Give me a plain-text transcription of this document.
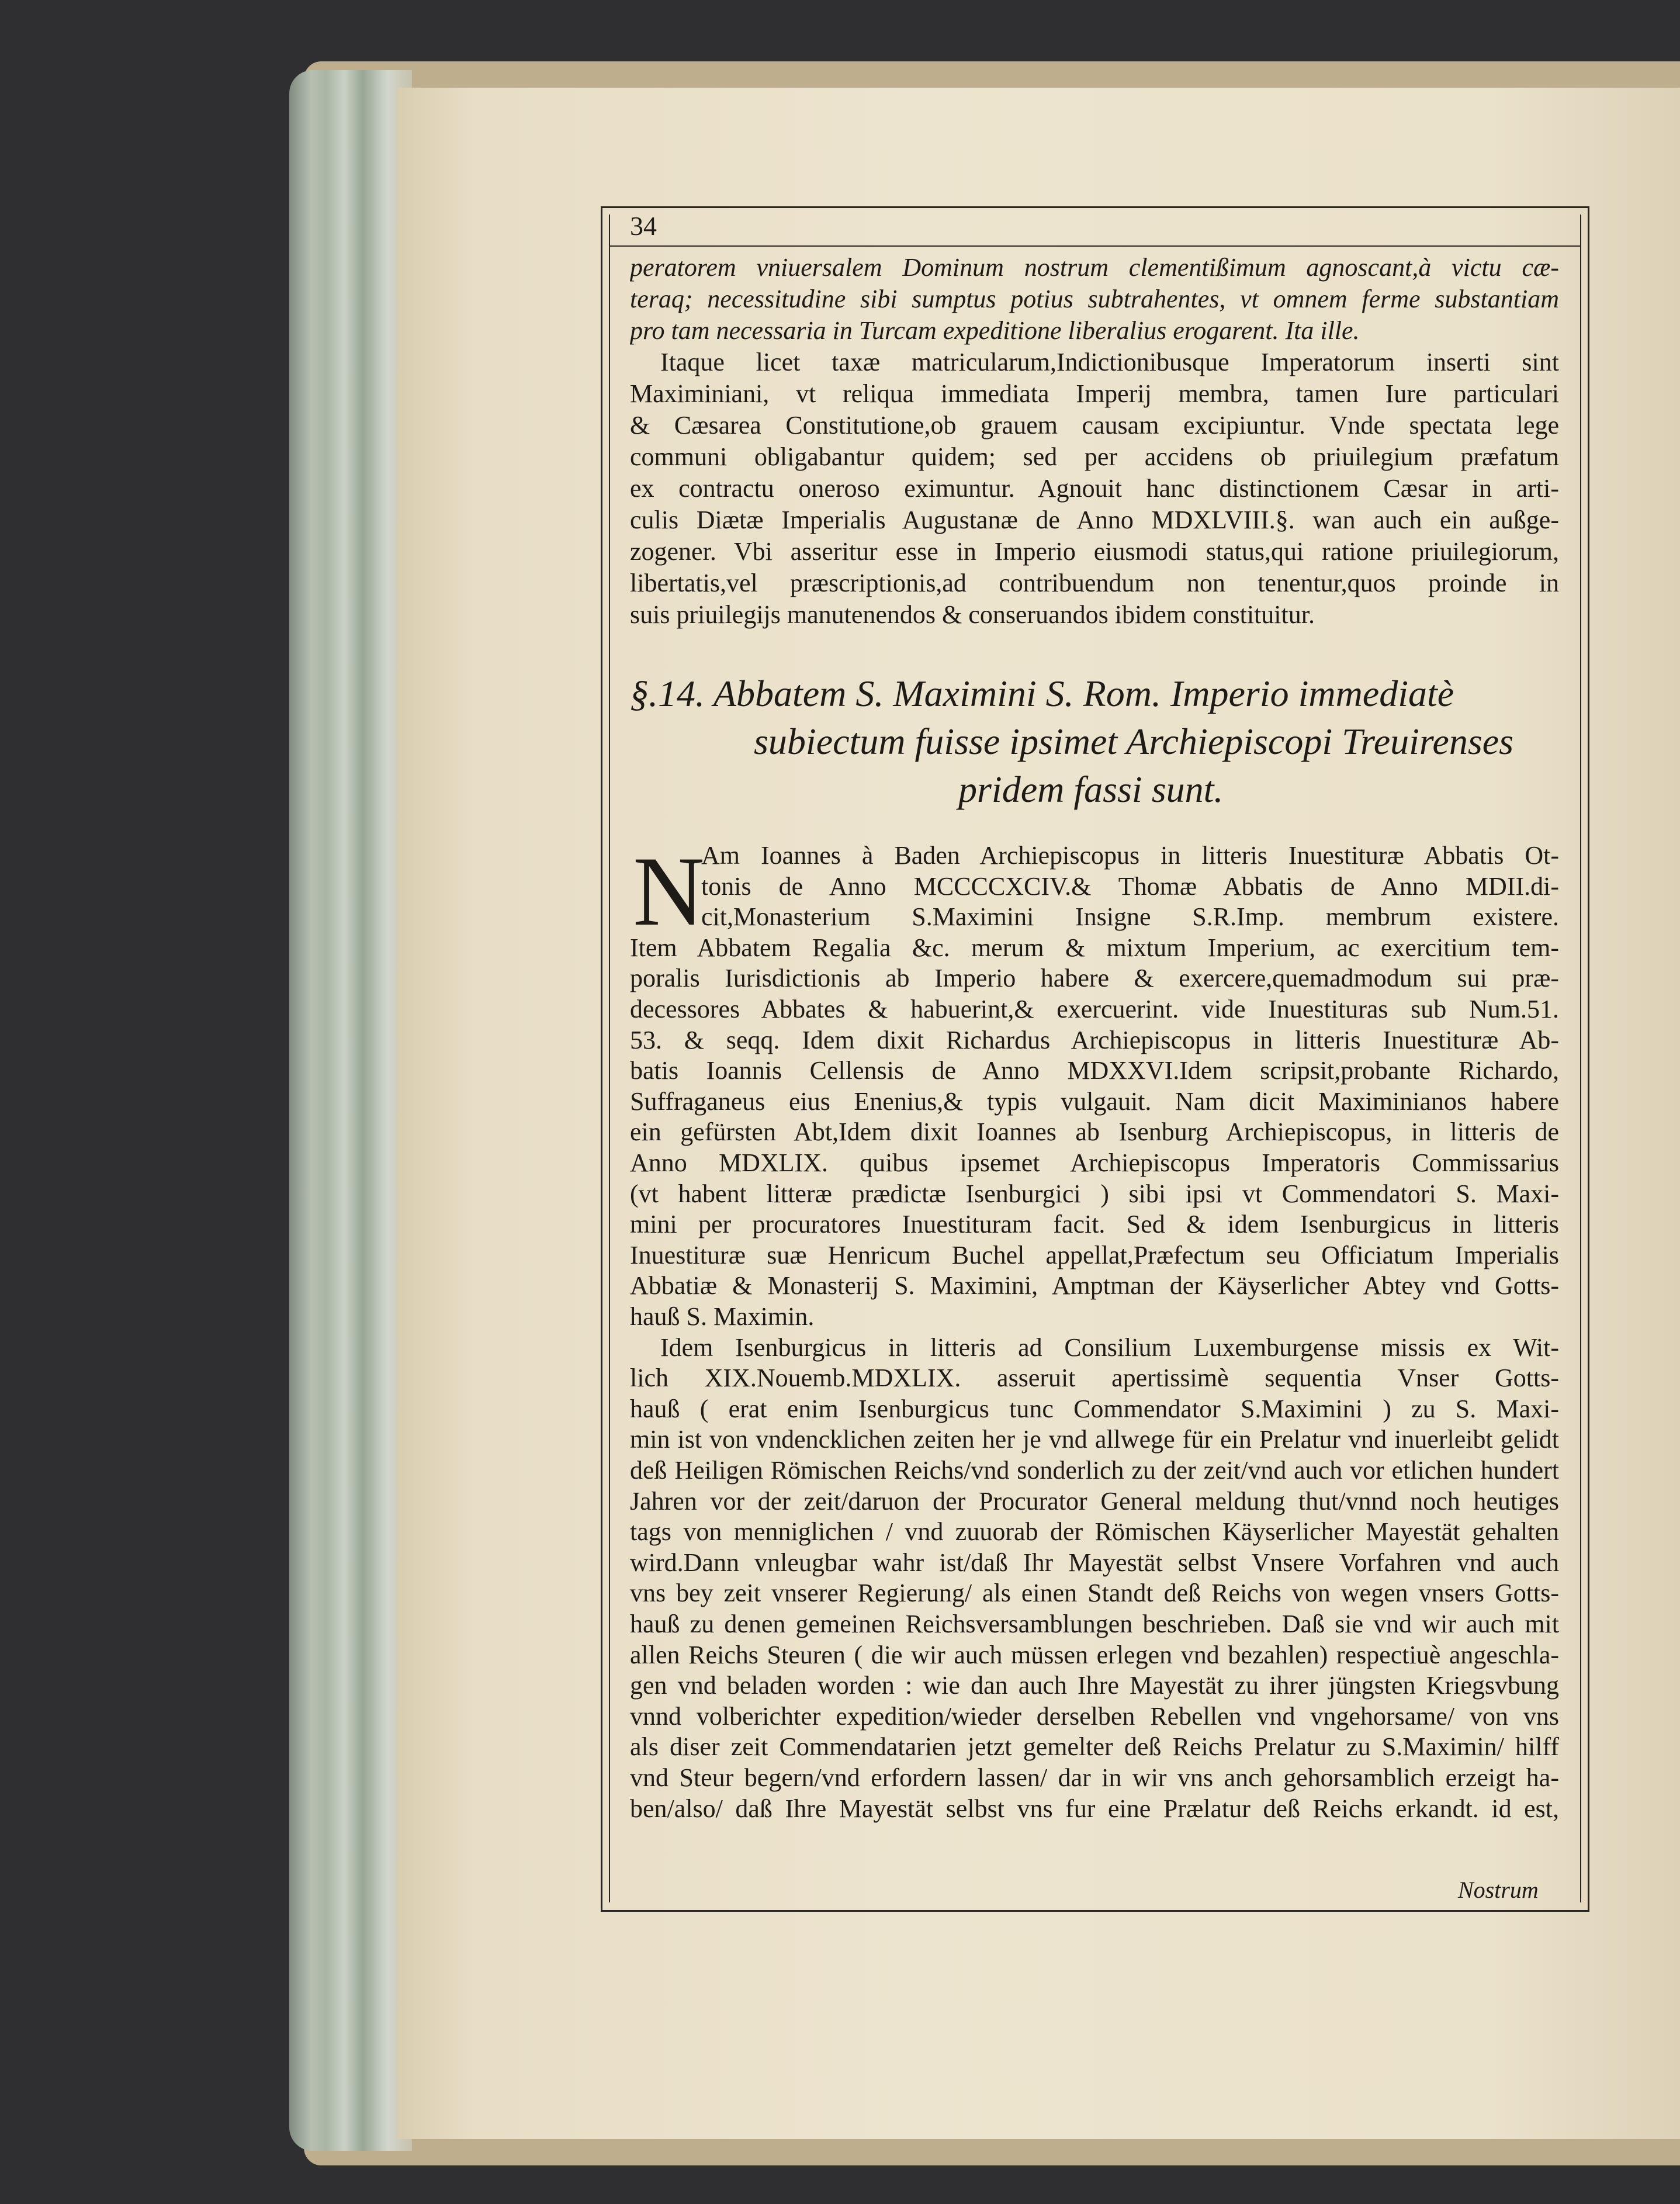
34
peratorem vniuersalem Dominum nostrum clementißimum agnoscant,à victu cæ-
teraq; necessitudine sibi sumptus potius subtrahentes, vt omnem ferme substantiam
pro tam necessaria in Turcam expeditione liberalius erogarent. Ita ille.
Itaque licet taxæ matricularum,Indictionibusque Imperatorum inserti sint
Maximiniani, vt reliqua immediata Imperij membra, tamen Iure particulari
& Cæsarea Constitutione,ob grauem causam excipiuntur. Vnde spectata lege
communi obligabantur quidem; sed per accidens ob priuilegium præfatum
ex contractu oneroso eximuntur. Agnouit hanc distinctionem Cæsar in arti-
culis Diætæ Imperialis Augustanæ de Anno MDXLVIII.§. wan auch ein außge-
zogener. Vbi asseritur esse in Imperio eiusmodi status,qui ratione priuilegiorum,
libertatis,vel præscriptionis,ad contribuendum non tenentur,quos proinde in
suis priuilegijs manutenendos & conseruandos ibidem constituitur.
§.14. Abbatem S. Maximini S. Rom. Imperio immediatè
subiectum fuisse ipsimet Archiepiscopi Treuirenses
pridem fassi sunt.
N
Am Ioannes à Baden Archiepiscopus in litteris Inuestituræ Abbatis Ot-
tonis de Anno MCCCCXCIV.& Thomæ Abbatis de Anno MDII.di-
cit,Monasterium S.Maximini Insigne S.R.Imp. membrum existere.
Item Abbatem Regalia &c. merum & mixtum Imperium, ac exercitium tem-
poralis Iurisdictionis ab Imperio habere & exercere,quemadmodum sui præ-
decessores Abbates & habuerint,& exercuerint. vide Inuestituras sub Num.51.
53. & seqq. Idem dixit Richardus Archiepiscopus in litteris Inuestituræ Ab-
batis Ioannis Cellensis de Anno MDXXVI.Idem scripsit,probante Richardo,
Suffraganeus eius Enenius,& typis vulgauit. Nam dicit Maximinianos habere
ein gefürsten Abt,Idem dixit Ioannes ab Isenburg Archiepiscopus, in litteris de
Anno MDXLIX. quibus ipsemet Archiepiscopus Imperatoris Commissarius
(vt habent litteræ prædictæ Isenburgici ) sibi ipsi vt Commendatori S. Maxi-
mini per procuratores Inuestituram facit. Sed & idem Isenburgicus in litteris
Inuestituræ suæ Henricum Buchel appellat,Præfectum seu Officiatum Imperialis
Abbatiæ & Monasterij S. Maximini, Amptman der Käyserlicher Abtey vnd Gotts-
hauß S. Maximin.
Idem Isenburgicus in litteris ad Consilium Luxemburgense missis ex Wit-
lich XIX.Nouemb.MDXLIX. asseruit apertissimè sequentia Vnser Gotts-
hauß ( erat enim Isenburgicus tunc Commendator S.Maximini ) zu S. Maxi-
min ist von vndencklichen zeiten her je vnd allwege für ein Prelatur vnd inuerleibt gelidt
deß Heiligen Römischen Reichs/vnd sonderlich zu der zeit/vnd auch vor etlichen hundert
Jahren vor der zeit/daruon der Procurator General meldung thut/vnnd noch heutiges
tags von menniglichen / vnd zuuorab der Römischen Käyserlicher Mayestät gehalten
wird.Dann vnleugbar wahr ist/daß Ihr Mayestät selbst Vnsere Vorfahren vnd auch
vns bey zeit vnserer Regierung/ als einen Standt deß Reichs von wegen vnsers Gotts-
hauß zu denen gemeinen Reichsversamblungen beschrieben. Daß sie vnd wir auch mit
allen Reichs Steuren ( die wir auch müssen erlegen vnd bezahlen) respectiuè angeschla-
gen vnd beladen worden : wie dan auch Ihre Mayestät zu ihrer jüngsten Kriegsvbung
vnnd volberichter expedition/wieder derselben Rebellen vnd vngehorsame/ von vns
als diser zeit Commendatarien jetzt gemelter deß Reichs Prelatur zu S.Maximin/ hilff
vnd Steur begern/vnd erfordern lassen/ dar in wir vns anch gehorsamblich erzeigt ha-
ben/also/ daß Ihre Mayestät selbst vns fur eine Prælatur deß Reichs erkandt. id est,
Nostrum
